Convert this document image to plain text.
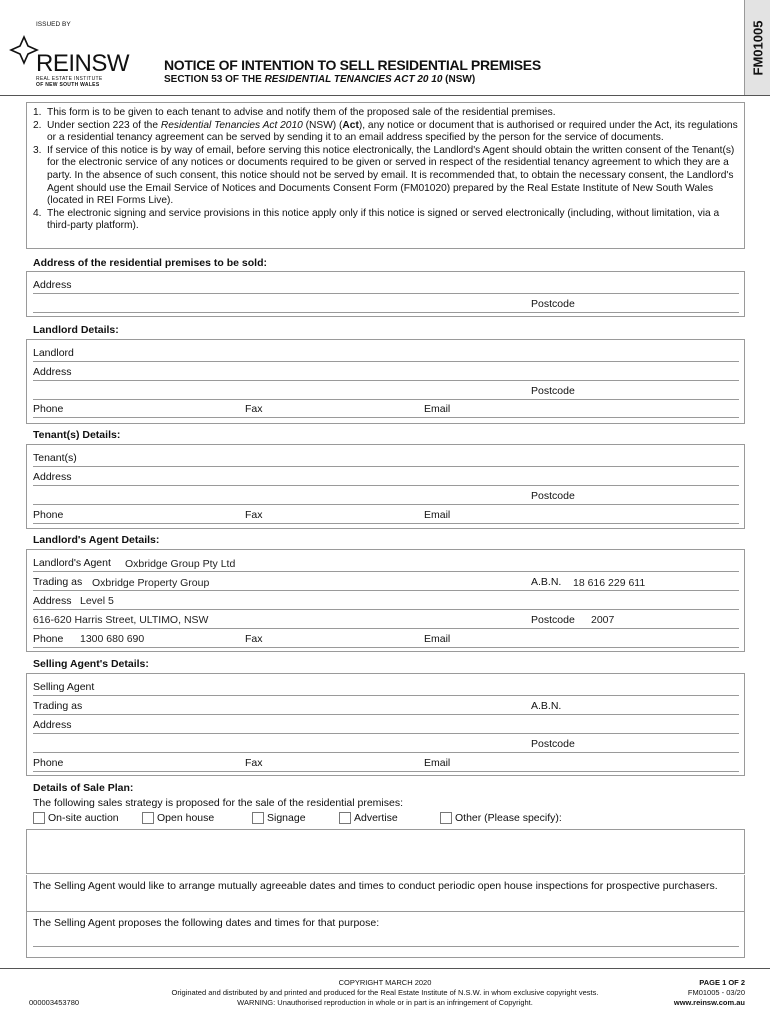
FM01005
ISSUED BY
REINSW
REAL ESTATE INSTITUTE
OF NEW SOUTH WALES
NOTICE OF INTENTION TO SELL RESIDENTIAL PREMISES
SECTION 53 OF THE RESIDENTIAL TENANCIES ACT 20 10 (NSW)
1. This form is to be given to each tenant to advise and notify them of the proposed sale of the residential premises.
2. Under section 223 of the Residential Tenancies Act 2010 (NSW) (Act), any notice or document that is authorised or required under the Act, its regulations or a residential tenancy agreement can be served by sending it to an email address specified by the person for the service of documents.
3. If service of this notice is by way of email, before serving this notice electronically, the Landlord's Agent should obtain the written consent of the Tenant(s) for the electronic service of any notices or documents required to be given or served in respect of the residential tenancy agreement to which they are a party. In the absence of such consent, this notice should not be served by email. It is recommended that, to obtain the necessary consent, the Landlord's Agent should use the Email Service of Notices and Documents Consent Form (FM01020) prepared by the Real Estate Institute of New South Wales (located in REI Forms Live).
4. The electronic signing and service provisions in this notice apply only if this notice is signed or served electronically (including, without limitation, via a third-party platform).
Address of the residential premises to be sold:
Address
Postcode
Landlord Details:
Landlord
Address
Postcode
Phone	Fax	Email
Tenant(s) Details:
Tenant(s)
Address
Postcode
Phone	Fax	Email
Landlord's Agent Details:
Landlord's Agent Oxbridge Group Pty Ltd
Trading as Oxbridge Property Group	A.B.N. 18 616 229 611
Address Level 5
616-620 Harris Street, ULTIMO, NSW	Postcode 2007
Phone 1300 680 690	Fax	Email
Selling Agent's Details:
Selling Agent
Trading as	A.B.N.
Address
Postcode
Phone	Fax	Email
Details of Sale Plan:
The following sales strategy is proposed for the sale of the residential premises:
On-site auction	Open house	Signage	Advertise	Other (Please specify):
The Selling Agent would like to arrange mutually agreeable dates and times to conduct periodic open house inspections for prospective purchasers.
The Selling Agent proposes the following dates and times for that purpose:
COPYRIGHT MARCH 2020
Originated and distributed by and printed and produced for the Real Estate Institute of N.S.W. in whom exclusive copyright vests.
WARNING: Unauthorised reproduction in whole or in part is an infringement of Copyright.
000003453780
PAGE 1 OF 2
FM01005 - 03/20
www.reinsw.com.au
